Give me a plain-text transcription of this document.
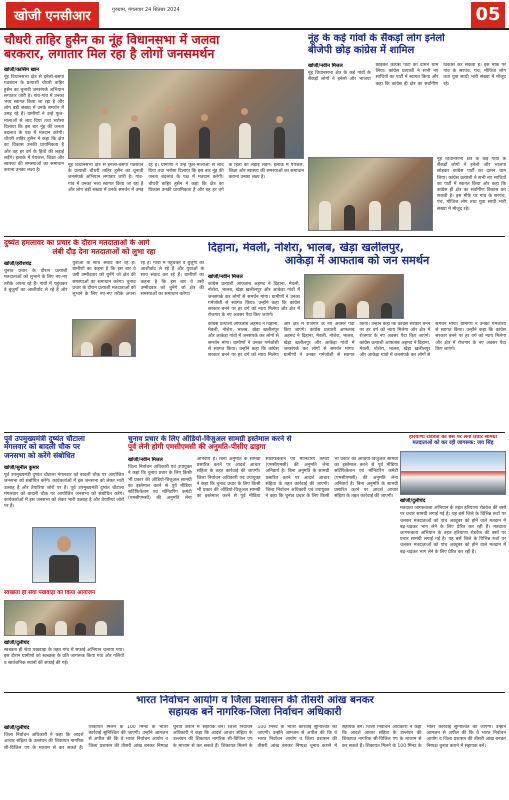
खोजी एनसीआर	गुरुग्राम, मंगलवार 24 सितंबर 2024	05
चौधरी ताहिर हुसैन का नूंह विधानसभा में जलवा
बरकरार, लगातार मिल रहा है लोगों जनसमर्थन
खोजी/कासिम खान
नूंह विधानसभा क्षेत्र से इनेलो-बसपा गठबंधन के प्रत्याशी चौधरी ताहिर हुसैन का चुनावी जनसंपर्क अभियान लगातार जारी है। गांव-गांव में उनका भव्य स्वागत किया जा रहा है और लोग बड़ी संख्या में उनके समर्थन में उमड़ रहे हैं। ग्रामीणों ने उन्हें फूल-मालाओं से लाद दिया तथा भरोसा दिलाया कि इस बार नूंह की जनता बदलाव के पक्ष में मतदान करेगी। चौधरी ताहिर हुसैन ने कहा कि क्षेत्र का विकास उनकी प्राथमिकता है और वह हर वर्ग के हितों की लड़ाई लड़ेंगे। इलाके में पेयजल, शिक्षा और स्वास्थ्य की समस्याओं का समाधान कराना उनका लक्ष्य है।
नूंह विधानसभा क्षेत्र से इनेलो-बसपा गठबंधन के प्रत्याशी चौधरी ताहिर हुसैन का चुनावी जनसंपर्क अभियान लगातार जारी है। गांव-गांव में उनका भव्य स्वागत किया जा रहा है और लोग बड़ी संख्या में उनके समर्थन में उमड़ रहे हैं। ग्रामीणों ने उन्हें फूल-मालाओं से लाद दिया तथा भरोसा दिलाया कि इस बार नूंह की जनता बदलाव के पक्ष में मतदान करेगी। चौधरी ताहिर हुसैन ने कहा कि क्षेत्र का विकास उनकी प्राथमिकता है और वह हर वर्ग के हितों की लड़ाई लड़ेंगे। इलाके में पेयजल, शिक्षा और स्वास्थ्य की समस्याओं का समाधान कराना उनका लक्ष्य है।
नूंह के कई गांवों के सैंकड़ों लोग इनेलो
बीजेपी छोड़ कांग्रेस में शामिल
खोजी/नवीन मित्तल
नूंह विधानसभा क्षेत्र के कई गांवों के सैंकड़ों लोगों ने इनेलो और भाजपा छोड़कर कांग्रेस पार्टी का दामन थाम लिया। कांग्रेस प्रत्याशी ने सभी नए साथियों का पार्टी में स्वागत किया और कहा कि कांग्रेस ही क्षेत्र का सर्वांगीण विकास कर सकती है। इस मौके पर गांव के सरपंच, पंच, मौजिज लोग तथा युवा साथी भारी संख्या में मौजूद रहे।
नूंह विधानसभा क्षेत्र के कई गांवों के सैंकड़ों लोगों ने इनेलो और भाजपा छोड़कर कांग्रेस पार्टी का दामन थाम लिया। कांग्रेस प्रत्याशी ने सभी नए साथियों का पार्टी में स्वागत किया और कहा कि कांग्रेस ही क्षेत्र का सर्वांगीण विकास कर सकती है। इस मौके पर गांव के सरपंच, पंच, मौजिज लोग तथा युवा साथी भारी संख्या में मौजूद रहे।
दुष्यंत हमलावर का प्रचार के दौरान मतदाताओं के आगे
लंबी दौड़ देना मतदाताओं को लुभा रहा
खोजी/हरीशचंद्र
चुनाव प्रचार के दौरान प्रत्याशी मतदाताओं को लुभाने के लिए नए-नए तरीके अपना रहे हैं। गांवों में पहुंचकर वे बुजुर्गों का आशीर्वाद ले रहे हैं और युवाओं के साथ संवाद कर रहे हैं। ग्रामीणों का कहना है कि इस बार वे उसी उम्मीदवार को चुनेंगे जो क्षेत्र की समस्याओं का समाधान करेगा। चुनाव प्रचार के दौरान प्रत्याशी मतदाताओं को लुभाने के लिए नए-नए तरीके अपना रहे हैं। गांवों में पहुंचकर वे बुजुर्गों का आशीर्वाद ले रहे हैं और युवाओं के साथ संवाद कर रहे हैं। ग्रामीणों का कहना है कि इस बार वे उसी उम्मीदवार को चुनेंगे जो क्षेत्र की समस्याओं का समाधान करेगा।
दिहाना, मेवली, नोशेरा, भालब, खेड़ा खलीलपुर,
आकेड़ा में आफताब को जन समर्थन
खोजी/नवीन मित्तल
कांग्रेस प्रत्याशी आफताब अहमद ने दिहाना, मेवली, नोशेरा, भालब, खेड़ा खलीलपुर और आकेड़ा गांवों में जनसंपर्क कर लोगों से समर्थन मांगा। ग्रामीणों ने उनका गर्मजोशी से स्वागत किया। उन्होंने कहा कि कांग्रेस सरकार बनने पर हर वर्ग को न्याय मिलेगा और क्षेत्र में रोजगार के नए अवसर पैदा किए जाएंगे।
कांग्रेस प्रत्याशी आफताब अहमद ने दिहाना, मेवली, नोशेरा, भालब, खेड़ा खलीलपुर और आकेड़ा गांवों में जनसंपर्क कर लोगों से समर्थन मांगा। ग्रामीणों ने उनका गर्मजोशी से स्वागत किया। उन्होंने कहा कि कांग्रेस सरकार बनने पर हर वर्ग को न्याय मिलेगा और क्षेत्र में रोजगार के नए अवसर पैदा किए जाएंगे। कांग्रेस प्रत्याशी आफताब अहमद ने दिहाना, मेवली, नोशेरा, भालब, खेड़ा खलीलपुर और आकेड़ा गांवों में जनसंपर्क कर लोगों से समर्थन मांगा। ग्रामीणों ने उनका गर्मजोशी से स्वागत किया। उन्होंने कहा कि कांग्रेस सरकार बनने पर हर वर्ग को न्याय मिलेगा और क्षेत्र में रोजगार के नए अवसर पैदा किए जाएंगे। कांग्रेस प्रत्याशी आफताब अहमद ने दिहाना, मेवली, नोशेरा, भालब, खेड़ा खलीलपुर और आकेड़ा गांवों में जनसंपर्क कर लोगों से समर्थन मांगा। ग्रामीणों ने उनका गर्मजोशी से स्वागत किया। उन्होंने कहा कि कांग्रेस सरकार बनने पर हर वर्ग को न्याय मिलेगा और क्षेत्र में रोजगार के नए अवसर पैदा किए जाएंगे।
पूर्व उपमुख्यमंत्री दुष्यंत चौटाला
मंगलवार को बादली चौक पर
जनसभा को करेंगे संबोधित
खोजी/सुनील कुमार
पूर्व उपमुख्यमंत्री दुष्यंत चौटाला मंगलवार को बादली चौक पर आयोजित जनसभा को संबोधित करेंगे। कार्यकर्ताओं में इस जनसभा को लेकर भारी उत्साह है और तैयारियां जोरों पर हैं। पूर्व उपमुख्यमंत्री दुष्यंत चौटाला मंगलवार को बादली चौक पर आयोजित जनसभा को संबोधित करेंगे। कार्यकर्ताओं में इस जनसभा को लेकर भारी उत्साह है और तैयारियां जोरों पर हैं।
चुनाव प्रचार के लिए ऑडियो-विजुअल सामग्री इस्तेमाल करने से
पूर्व लेनी होगी एमसीएमसी की अनुमति-पीसीए ढाइगा
खोजी/नवीन मित्तल
जिला निर्वाचन अधिकारी एवं उपायुक्त ने कहा कि चुनाव प्रचार के लिए किसी भी प्रकार की ऑडियो-विजुअल सामग्री का इस्तेमाल करने से पूर्व मीडिया सर्टिफिकेशन एवं मॉनिटरिंग कमेटी (एमसीएमसी) की अनुमति लेना अनिवार्य है। बिना अनुमति के सामग्री प्रसारित करने पर आदर्श आचार संहिता के तहत कार्रवाई की जाएगी। जिला निर्वाचन अधिकारी एवं उपायुक्त ने कहा कि चुनाव प्रचार के लिए किसी भी प्रकार की ऑडियो-विजुअल सामग्री का इस्तेमाल करने से पूर्व मीडिया सर्टिफिकेशन एवं मॉनिटरिंग कमेटी (एमसीएमसी) की अनुमति लेना अनिवार्य है। बिना अनुमति के सामग्री प्रसारित करने पर आदर्श आचार संहिता के तहत कार्रवाई की जाएगी। जिला निर्वाचन अधिकारी एवं उपायुक्त ने कहा कि चुनाव प्रचार के लिए किसी भी प्रकार की ऑडियो-विजुअल सामग्री का इस्तेमाल करने से पूर्व मीडिया सर्टिफिकेशन एवं मॉनिटरिंग कमेटी (एमसीएमसी) की अनुमति लेना अनिवार्य है। बिना अनुमति के सामग्री प्रसारित करने पर आदर्श आचार संहिता के तहत कार्रवाई की जाएगी।
हरियाणा रोडवेज की बसें पर लगी प्रचार सामग्री
मतदाताओं को कर रही जागरूक: जय सिंह
खोजी/दुलीचंद
मतदाता जागरूकता अभियान के तहत हरियाणा रोडवेज की बसों पर प्रचार सामग्री लगाई गई है। यह बसें जिले के विभिन्न रूटों पर चलकर मतदाताओं को पांच अक्टूबर को होने वाले मतदान में बढ़-चढ़कर भाग लेने के लिए प्रेरित कर रही हैं। मतदाता जागरूकता अभियान के तहत हरियाणा रोडवेज की बसों पर प्रचार सामग्री लगाई गई है। यह बसें जिले के विभिन्न रूटों पर चलकर मतदाताओं को पांच अक्टूबर को होने वाले मतदान में बढ़-चढ़कर भाग लेने के लिए प्रेरित कर रही हैं।
स्वच्छता ही सेवा पखवाड़ा का किया आयोजन
खोजी/दुलीचंद
स्वच्छता ही सेवा पखवाड़ा के तहत गांव में सफाई अभियान चलाया गया। इस दौरान ग्रामीणों को स्वच्छता के प्रति जागरूक किया गया और गलियों व सार्वजनिक स्थानों की सफाई की गई।
भारत निर्वाचन आयोग व जिला प्रशासन की तीसरी आंख बनकर
सहायक बनें नागरिक-जिला निर्वाचन अधिकारी
खोजी/दुलीचंद
जिला निर्वाचन अधिकारी ने कहा कि आदर्श आचार संहिता के उल्लंघन की शिकायत नागरिक सी-विजिल एप के माध्यम से कर सकते हैं। शिकायत मिलने के 100 मिनट के भीतर कार्रवाई सुनिश्चित की जाएगी। उन्होंने आमजन से अपील की कि वे भारत निर्वाचन आयोग व जिला प्रशासन की तीसरी आंख बनकर निष्पक्ष चुनाव कराने में सहायक बनें। जिला निर्वाचन अधिकारी ने कहा कि आदर्श आचार संहिता के उल्लंघन की शिकायत नागरिक सी-विजिल एप के माध्यम से कर सकते हैं। शिकायत मिलने के 100 मिनट के भीतर कार्रवाई सुनिश्चित की जाएगी। उन्होंने आमजन से अपील की कि वे भारत निर्वाचन आयोग व जिला प्रशासन की तीसरी आंख बनकर निष्पक्ष चुनाव कराने में सहायक बनें। जिला निर्वाचन अधिकारी ने कहा कि आदर्श आचार संहिता के उल्लंघन की शिकायत नागरिक सी-विजिल एप के माध्यम से कर सकते हैं। शिकायत मिलने के 100 मिनट के भीतर कार्रवाई सुनिश्चित की जाएगी। उन्होंने आमजन से अपील की कि वे भारत निर्वाचन आयोग व जिला प्रशासन की तीसरी आंख बनकर निष्पक्ष चुनाव कराने में सहायक बनें।
